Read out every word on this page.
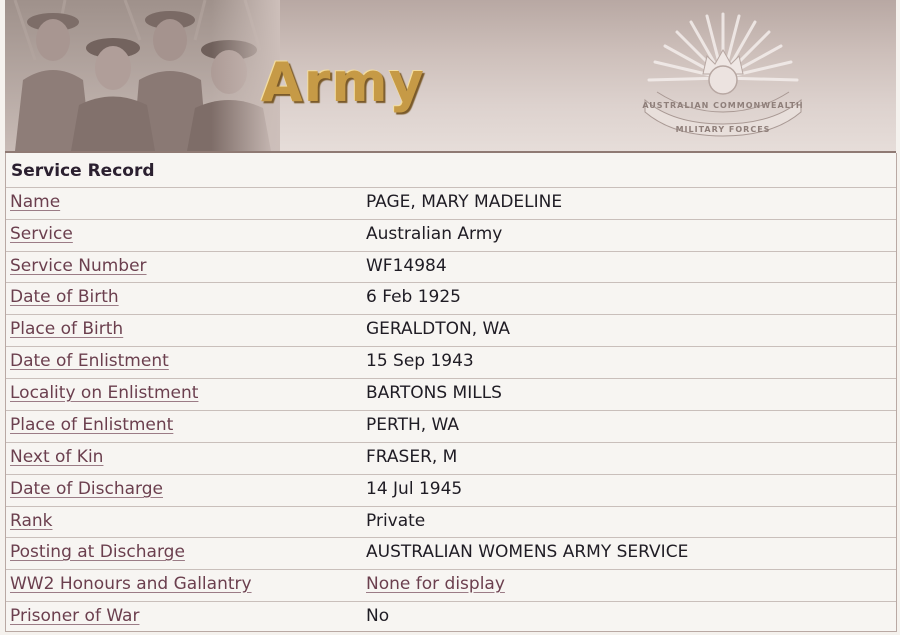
Army	AUSTRALIAN COMMONWEALTH
MILITARY FORCES
Service Record
Name	PAGE, MARY MADELINE
Service	Australian Army
Service Number	WF14984
Date of Birth	6 Feb 1925
Place of Birth	GERALDTON, WA
Date of Enlistment	15 Sep 1943
Locality on Enlistment	BARTONS MILLS
Place of Enlistment	PERTH, WA
Next of Kin	FRASER, M
Date of Discharge	14 Jul 1945
Rank	Private
Posting at Discharge	AUSTRALIAN WOMENS ARMY SERVICE
WW2 Honours and Gallantry	None for display
Prisoner of War	No
